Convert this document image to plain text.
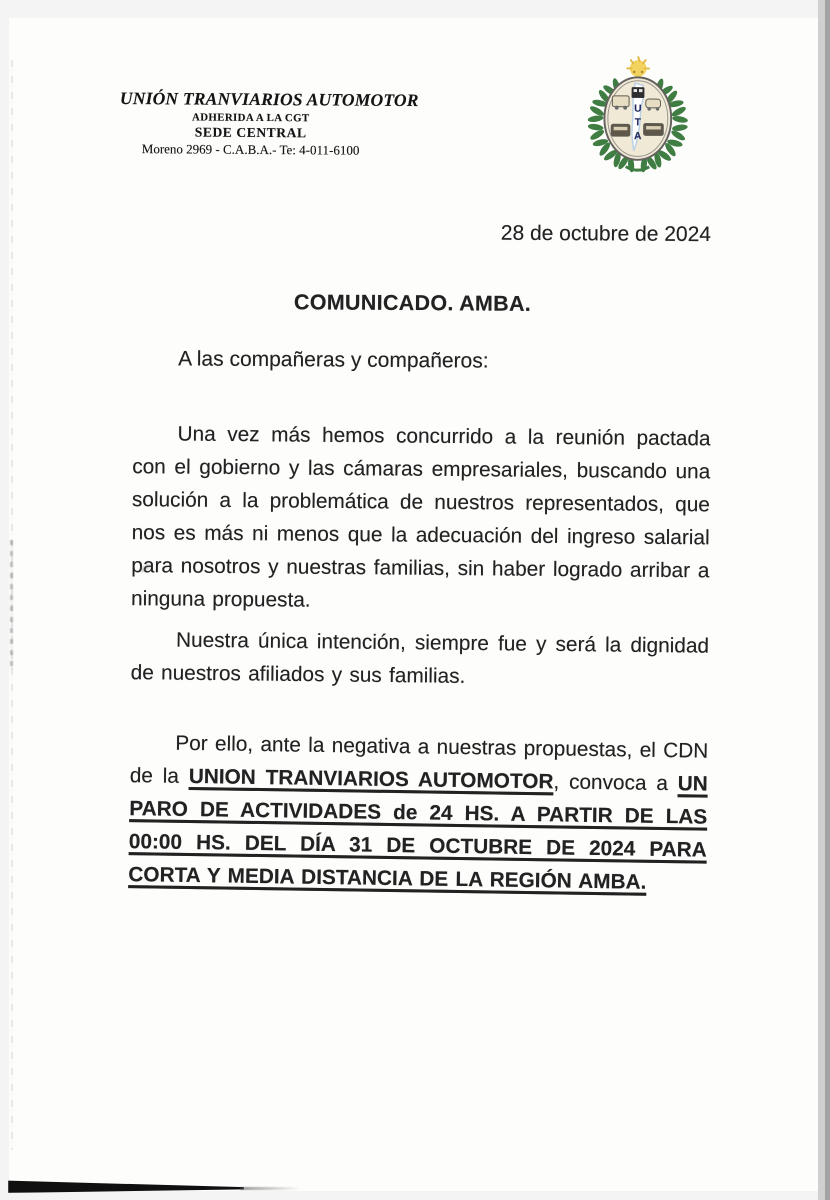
UNIÓN TRANVIARIOS AUTOMOTOR
ADHERIDA A LA CGT
SEDE CENTRAL
Moreno 2969 - C.A.B.A.- Te: 4-011-6100
U
T
A
28 de octubre de 2024
COMUNICADO. AMBA.
A las compañeras y compañeros:

Una vez más hemos concurrido a la reunión pactada con el gobierno y las cámaras empresariales, buscando una solución a la problemática de nuestros representados, que nos es más ni menos que la adecuación del ingreso salarial para nosotros y nuestras familias, sin haber logrado arribar a ninguna propuesta.

Nuestra única intención, siempre fue y será la dignidad de nuestros afiliados y sus familias.

Por ello, ante la negativa a nuestras propuestas, el CDN de la UNION TRANVIARIOS AUTOMOTOR, convoca a UN PARO DE ACTIVIDADES de 24 HS. A PARTIR DE LAS 00:00 HS. DEL DÍA 31 DE OCTUBRE DE 2024 PARA CORTA Y MEDIA DISTANCIA DE LA REGIÓN AMBA.
